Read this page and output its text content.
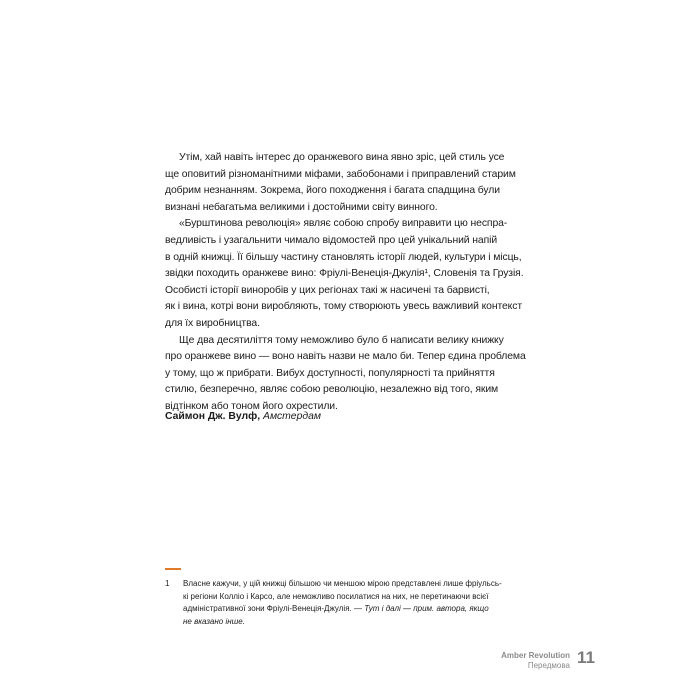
Утім, хай навіть інтерес до оранжевого вина явно зріс, цей стиль усе
ще оповитий різноманітними міфами, забобонами і приправлений старим
добрим незнанням. Зокрема, його походження і багата спадщина були
визнані небагатьма великими і достойними світу винного.
«Бурштинова революція» являє собою спробу виправити цю неспра-
ведливість і узагальнити чимало відомостей про цей унікальний напій
в одній книжці. Її більшу частину становлять історії людей, культури і місць,
звідки походить оранжеве вино: Фріулі-Венеція-Джулія¹, Словенія та Грузія.
Особисті історії виноробів у цих регіонах такі ж насичені та барвисті,
як і вина, котрі вони виробляють, тому створюють увесь важливий контекст
для їх виробництва.
Ще два десятиліття тому неможливо було б написати велику книжку
про оранжеве вино — воно навіть назви не мало би. Тепер єдина проблема
у тому, що ж прибрати. Вибух доступності, популярності та прийняття
стилю, безперечно, являє собою революцію, незалежно від того, яким
відтінком або тоном його охрестили.
Саймон Дж. Вулф, Амстердам
1 Власне кажучи, у цій книжці більшою чи меншою мірою представлені лише фріульсь-
кі регіони Колліо і Карсо, але неможливо посилатися на них, не перетинаючи всієї
адміністративної зони Фріулі-Венеція-Джулія. — Тут і далі — прим. автора, якщо
не вказано інше.
Amber Revolution
Передмова 11
